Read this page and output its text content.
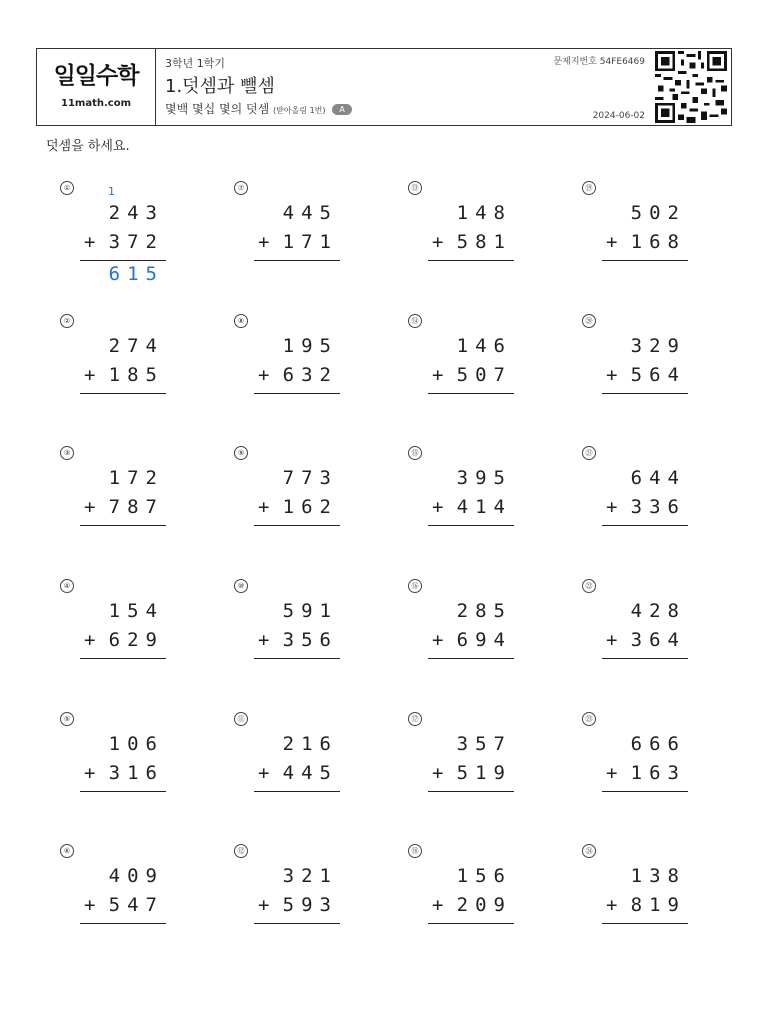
일일수학
11math.com
3학년 1학기
1.덧셈과 뺄셈
몇백 몇십 몇의 덧셈 (받아올림 1번) A
문제지번호 54FE6469
2024-06-02
덧셈을 하세요.
①	1
243
+ 372
615
②
274
+ 185
③
172
+ 787
④
154
+ 629
⑤
106
+ 316
⑥
409
+ 547
⑦
445
+ 171
⑧
195
+ 632
⑨
773
+ 162
⑩
591
+ 356
⑪
216
+ 445
⑫
321
+ 593
⑬
148
+ 581
⑭
146
+ 507
⑮
395
+ 414
⑯
285
+ 694
⑰
357
+ 519
⑱
156
+ 209
⑲
502
+ 168
⑳
329
+ 564
㉑
644
+ 336
㉒
428
+ 364
㉓
666
+ 163
㉔
138
+ 819
